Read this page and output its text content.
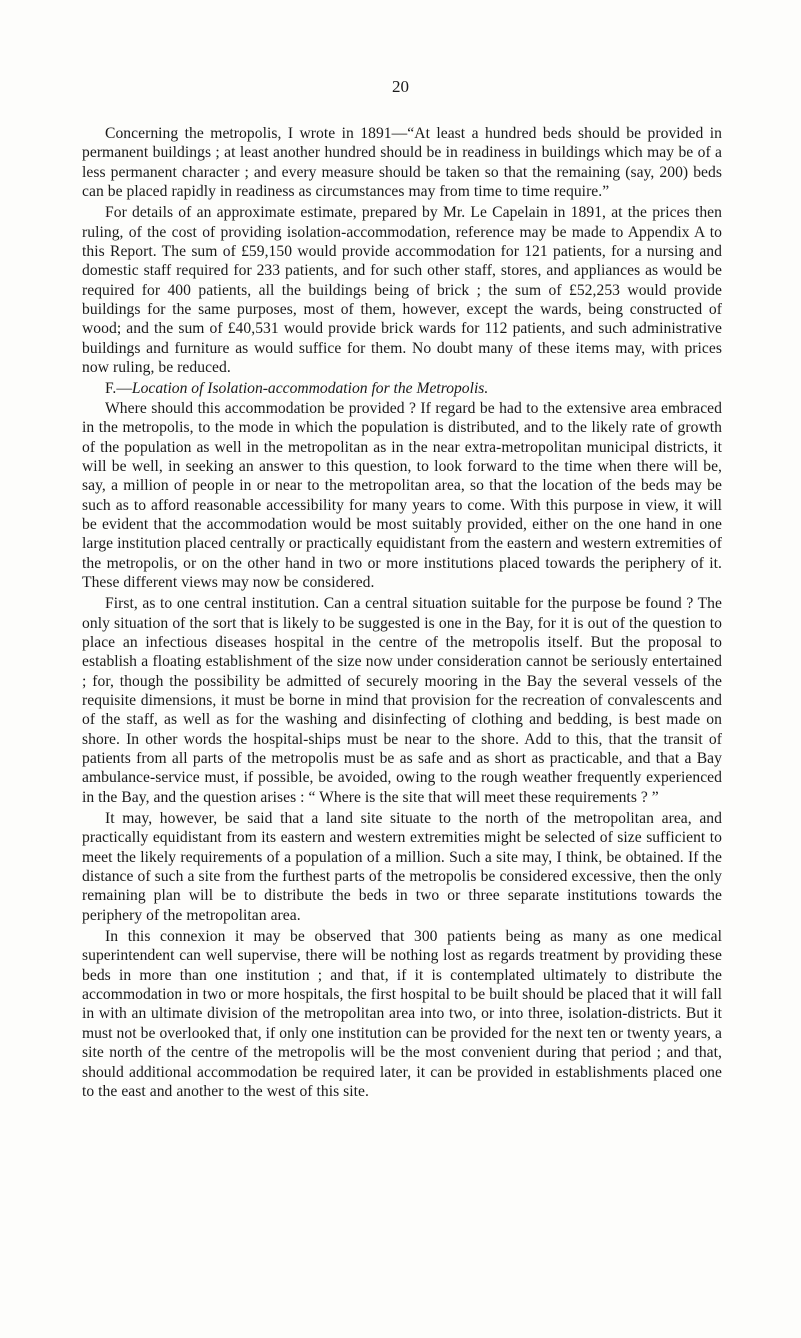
20

Concerning the metropolis, I wrote in 1891—“At least a hundred beds should be provided in permanent buildings ; at least another hundred should be in readiness in buildings which may be of a less permanent character ; and every measure should be taken so that the remaining (say, 200) beds can be placed rapidly in readiness as circumstances may from time to time require.”

For details of an approximate estimate, prepared by Mr. Le Capelain in 1891, at the prices then ruling, of the cost of providing isolation-accommodation, reference may be made to Appendix A to this Report. The sum of £59,150 would provide accommodation for 121 patients, for a nursing and domestic staff required for 233 patients, and for such other staff, stores, and appliances as would be required for 400 patients, all the buildings being of brick ; the sum of £52,253 would provide buildings for the same purposes, most of them, however, except the wards, being constructed of wood; and the sum of £40,531 would provide brick wards for 112 patients, and such administrative buildings and furniture as would suffice for them. No doubt many of these items may, with prices now ruling, be reduced.

F.—Location of Isolation-accommodation for the Metropolis.

Where should this accommodation be provided ? If regard be had to the extensive area embraced in the metropolis, to the mode in which the population is distributed, and to the likely rate of growth of the population as well in the metropolitan as in the near extra-metropolitan municipal districts, it will be well, in seeking an answer to this question, to look forward to the time when there will be, say, a million of people in or near to the metropolitan area, so that the location of the beds may be such as to afford reasonable accessibility for many years to come. With this purpose in view, it will be evident that the accommodation would be most suitably provided, either on the one hand in one large institution placed centrally or practically equidistant from the eastern and western extremities of the metropolis, or on the other hand in two or more institutions placed towards the periphery of it. These different views may now be considered.

First, as to one central institution. Can a central situation suitable for the purpose be found ? The only situation of the sort that is likely to be suggested is one in the Bay, for it is out of the question to place an infectious diseases hospital in the centre of the metropolis itself. But the proposal to establish a floating establishment of the size now under consideration cannot be seriously entertained ; for, though the possibility be admitted of securely mooring in the Bay the several vessels of the requisite dimensions, it must be borne in mind that provision for the recreation of convalescents and of the staff, as well as for the washing and disinfecting of clothing and bedding, is best made on shore. In other words the hospital-ships must be near to the shore. Add to this, that the transit of patients from all parts of the metropolis must be as safe and as short as practicable, and that a Bay ambulance-service must, if possible, be avoided, owing to the rough weather frequently experienced in the Bay, and the question arises : “ Where is the site that will meet these requirements ? ”

It may, however, be said that a land site situate to the north of the metropolitan area, and practically equidistant from its eastern and western extremities might be selected of size sufficient to meet the likely requirements of a population of a million. Such a site may, I think, be obtained. If the distance of such a site from the furthest parts of the metropolis be considered excessive, then the only remaining plan will be to distribute the beds in two or three separate institutions towards the periphery of the metropolitan area.

In this connexion it may be observed that 300 patients being as many as one medical superintendent can well supervise, there will be nothing lost as regards treatment by providing these beds in more than one institution ; and that, if it is contemplated ultimately to distribute the accommodation in two or more hospitals, the first hospital to be built should be placed that it will fall in with an ultimate division of the metropolitan area into two, or into three, isolation-districts. But it must not be overlooked that, if only one institution can be provided for the next ten or twenty years, a site north of the centre of the metropolis will be the most convenient during that period ; and that, should additional accommodation be required later, it can be provided in establishments placed one to the east and another to the west of this site.
